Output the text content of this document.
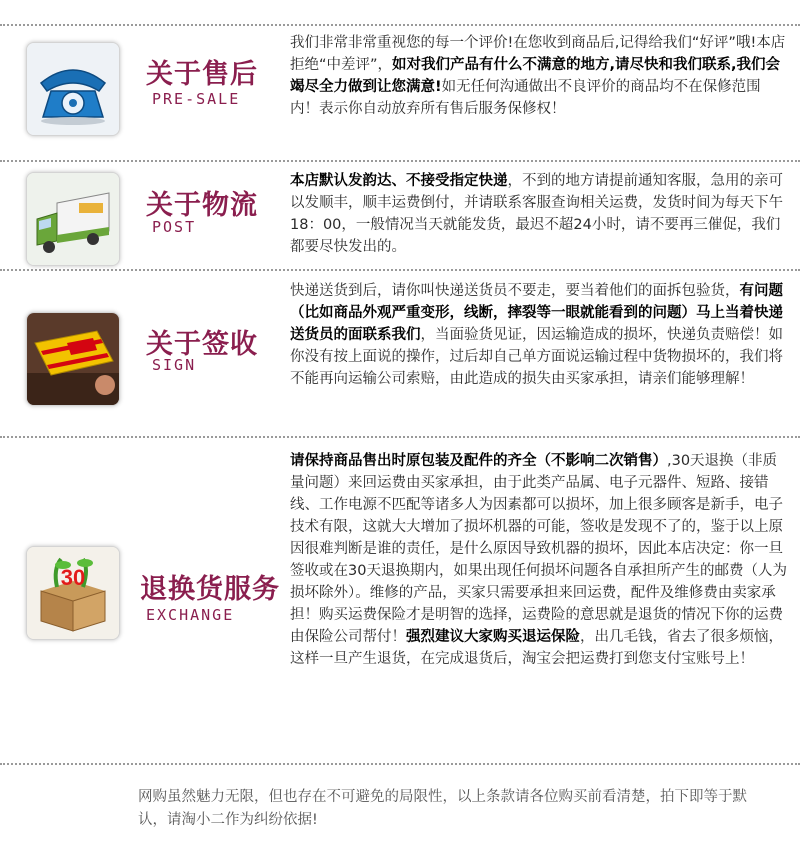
关于售后
PRE-SALE
我们非常非常重视您的每一个评价!在您收到商品后,记得给我们“好评”哦!本店拒绝“中差评”，如对我们产品有什么不满意的地方,请尽快和我们联系,我们会竭尽全力做到让您满意!如无任何沟通做出不良评价的商品均不在保修范围内！表示你自动放弃所有售后服务保修权！
关于物流
POST
本店默认发韵达、不接受指定快递，不到的地方请提前通知客服，急用的亲可以发顺丰，顺丰运费倒付，并请联系客服查询相关运费，发货时间为每天下午18：00，一般情况当天就能发货，最迟不超24小时，请不要再三催促，我们都要尽快发出的。
关于签收
SIGN
快递送货到后，请你叫快递送货员不要走，要当着他们的面拆包验货，有问题（比如商品外观严重变形，线断，摔裂等一眼就能看到的问题）马上当着快递送货员的面联系我们，当面验货见证，因运输造成的损坏，快递负责赔偿！如你没有按上面说的操作，过后却自己单方面说运输过程中货物损坏的，我们将不能再向运输公司索赔，由此造成的损失由买家承担，请亲们能够理解！
30 退换货服务
EXCHANGE
请保持商品售出时原包装及配件的齐全（不影响二次销售）,30天退换（非质量问题）来回运费由买家承担，由于此类产品属、电子元器件、短路、接错线、工作电源不匹配等诸多人为因素都可以损坏，加上很多顾客是新手，电子技术有限，这就大大增加了损坏机器的可能，签收是发现不了的，鉴于以上原因很难判断是谁的责任，是什么原因导致机器的损坏，因此本店决定：你一旦签收或在30天退换期内，如果出现任何损坏问题各自承担所产生的邮费（人为损坏除外）。维修的产品，买家只需要承担来回运费，配件及维修费由卖家承担！购买运费保险才是明智的选择，运费险的意思就是退货的情况下你的运费由保险公司帮付！强烈建议大家购买退运保险，出几毛钱，省去了很多烦恼，这样一旦产生退货，在完成退货后，淘宝会把运费打到您支付宝账号上！
网购虽然魅力无限，但也存在不可避免的局限性，以上条款请各位购买前看清楚，拍下即等于默认，请淘小二作为纠纷依据!
